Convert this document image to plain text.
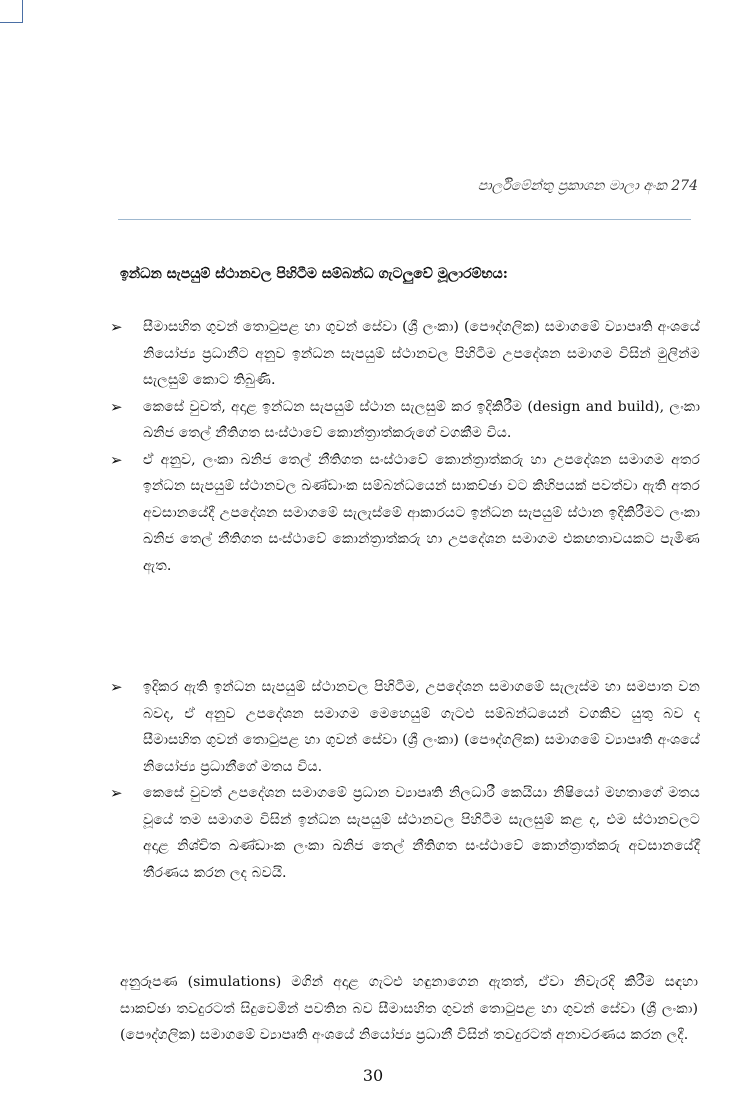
පාර්ලිමේන්තු ප්‍රකාශන මාලා අංක 274
ඉන්ධන සැපයුම් ස්ථානවල පිහිටීම සම්බන්ධ ගැටලුවේ මූලාරම්භය:
➢	සීමාසහිත ගුවන් තොටුපළ හා ගුවන් සේවා (ශ්‍රී ලංකා) (පෞද්ගලික) සමාගමේ ව්‍යාපෘති අංශයේ නියෝජ්‍ය ප්‍රධානීට අනුව ඉන්ධන සැපයුම් ස්ථානවල පිහිටීම උපදේශන සමාගම විසින් මුලින්ම සැලසුම් කොට තිබුණි.
➢	කෙසේ වුවත්, අදාළ ඉන්ධන සැපයුම් ස්ථාන සැලසුම් කර ඉදිකිරීම (design and build), ලංකා ඛනිජ තෙල් නීතිගත සංස්ථාවේ කොන්ත්‍රාත්කරුගේ වගකීම විය.
➢	ඒ අනුව, ලංකා ඛනිජ තෙල් නීතිගත සංස්ථාවේ කොන්ත්‍රාත්කරු හා උපදේශන සමාගම අතර ඉන්ධන සැපයුම් ස්ථානවල ඛණ්ඩාංක සම්බන්ධයෙන් සාකච්ඡා වට කිහිපයක් පවත්වා ඇති අතර අවසානයේදී උපදේශන සමාගමේ සැලැස්මේ ආකාරයට ඉන්ධන සැපයුම් ස්ථාන ඉදිකිරීමට ලංකා ඛනිජ තෙල් නීතිගත සංස්ථාවේ කොන්ත්‍රාත්කරු හා උපදේශන සමාගම එකඟතාවයකට පැමිණ ඇත.
➢	ඉදිකර ඇති ඉන්ධන සැපයුම් ස්ථානවල පිහිටීම, උපදේශන සමාගමේ සැලැස්ම හා සමපාත වන බවද, ඒ අනුව උපදේශන සමාගම මෙහෙයුම් ගැටළු සම්බන්ධයෙන් වගකිව යුතු බව ද සීමාසහිත ගුවන් තොටුපළ හා ගුවන් සේවා (ශ්‍රී ලංකා) (පෞද්ගලික) සමාගමේ ව්‍යාපෘති අංශයේ නියෝජ්‍ය ප්‍රධානීගේ මතය විය.
➢	කෙසේ වුවත් උපදේශන සමාගමේ ප්‍රධාන ව්‍යාපෘති නිලධාරී කෙයියා නිෂියෝ මහතාගේ මතය වූයේ තම සමාගම විසින් ඉන්ධන සැපයුම් ස්ථානවල පිහිටීම සැලසුම් කළ ද, එම ස්ථානවලට අදාළ නිශ්චිත ඛණ්ඩාංක ලංකා ඛනිජ තෙල් නීතිගත සංස්ථාවේ කොන්ත්‍රාත්කරු අවසානයේදී තීරණය කරන ලද බවයි.

අනුරූපණ (simulations) මගින් අදාළ ගැටළු හඳුනාගෙන ඇතත්, ඒවා නිවැරදි කිරීම සඳහා සාකච්ඡා තවදුරටත් සිදුවෙමින් පවතින බව සීමාසහිත ගුවන් තොටුපළ හා ගුවන් සේවා (ශ්‍රී ලංකා) (පෞද්ගලික) සමාගමේ ව්‍යාපෘති අංශයේ නියෝජ්‍ය ප්‍රධානී විසින් තවදුරටත් අනාවරණය කරන ලදී.

30
